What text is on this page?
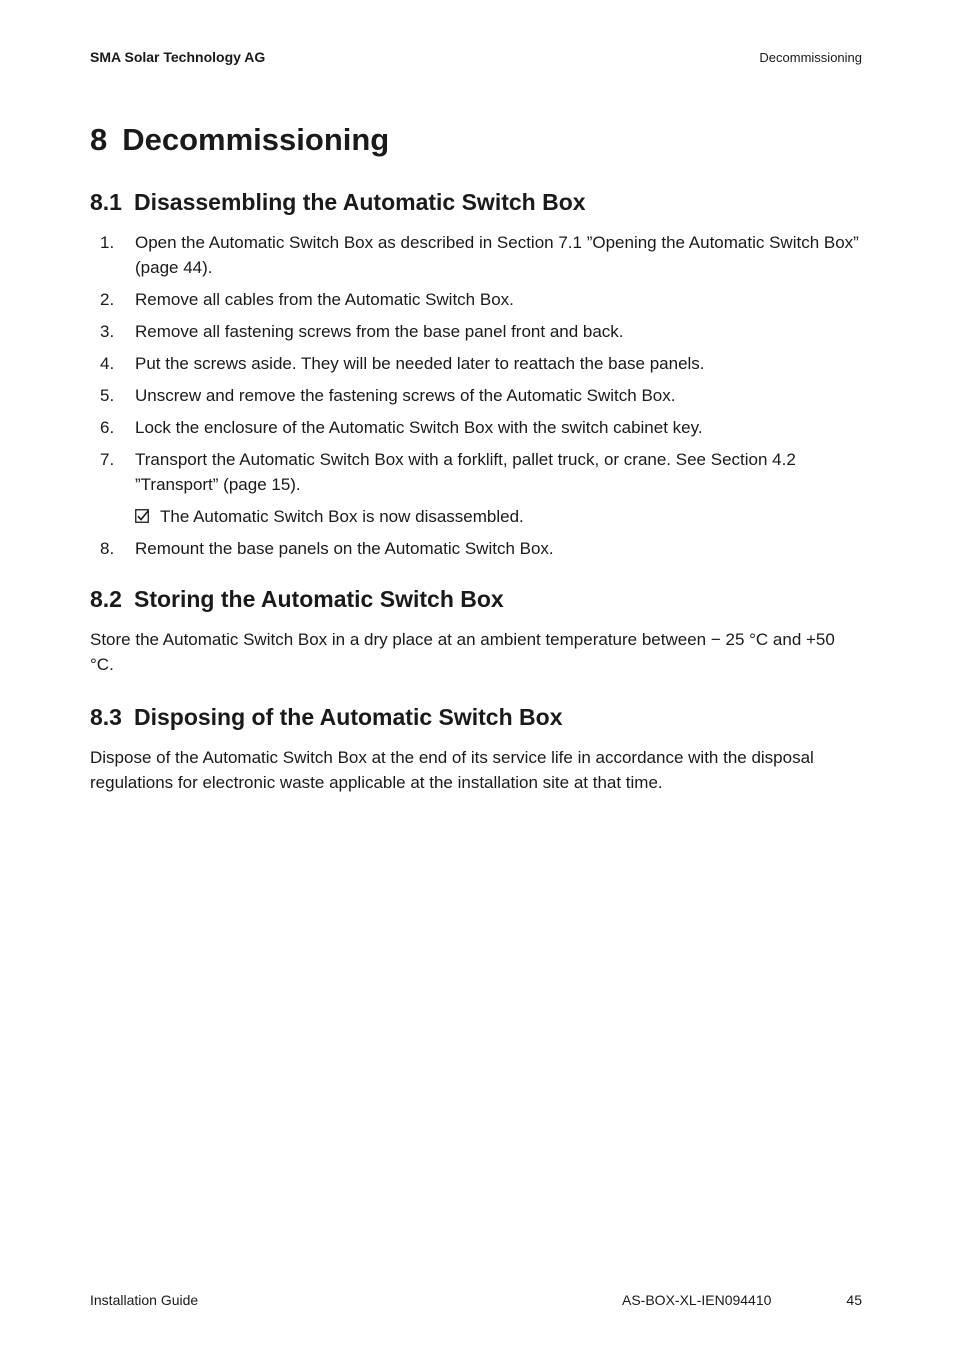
SMA Solar Technology AG	Decommissioning
8 Decommissioning
8.1 Disassembling the Automatic Switch Box
1. Open the Automatic Switch Box as described in Section 7.1 ”Opening the Automatic Switch Box” (page 44).
2. Remove all cables from the Automatic Switch Box.
3. Remove all fastening screws from the base panel front and back.
4. Put the screws aside. They will be needed later to reattach the base panels.
5. Unscrew and remove the fastening screws of the Automatic Switch Box.
6. Lock the enclosure of the Automatic Switch Box with the switch cabinet key.
7. Transport the Automatic Switch Box with a forklift, pallet truck, or crane. See Section 4.2 ”Transport” (page 15).
The Automatic Switch Box is now disassembled.
8. Remount the base panels on the Automatic Switch Box.
8.2 Storing the Automatic Switch Box

Store the Automatic Switch Box in a dry place at an ambient temperature between − 25 °C and +50 °C.

8.3 Disposing of the Automatic Switch Box

Dispose of the Automatic Switch Box at the end of its service life in accordance with the disposal regulations for electronic waste applicable at the installation site at that time.

Installation Guide	AS-BOX-XL-IEN094410	45
